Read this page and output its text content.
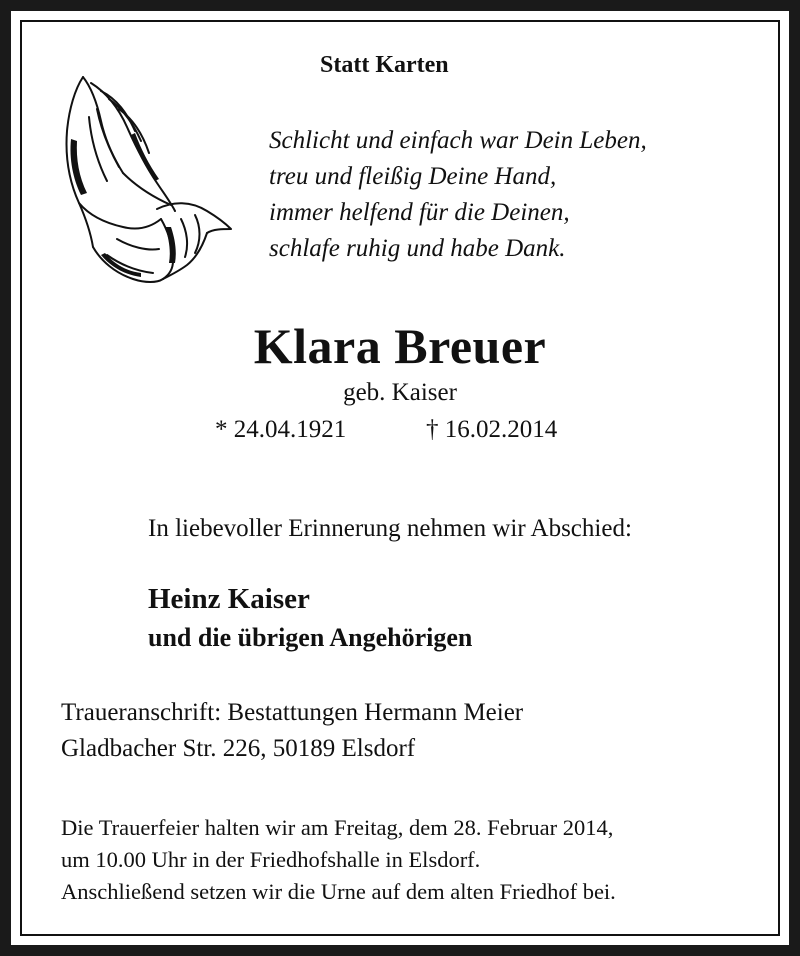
Statt Karten
Schlicht und einfach war Dein Leben,
treu und fleißig Deine Hand,
immer helfend für die Deinen,
schlafe ruhig und habe Dank.
Klara Breuer
geb. Kaiser
* 24.04.1921	† 16.02.2014
In liebevoller Erinnerung nehmen wir Abschied:
Heinz Kaiser
und die übrigen Angehörigen
Traueranschrift: Bestattungen Hermann Meier
Gladbacher Str. 226, 50189 Elsdorf
Die Trauerfeier halten wir am Freitag, dem 28. Februar 2014,
um 10.00 Uhr in der Friedhofshalle in Elsdorf.
Anschließend setzen wir die Urne auf dem alten Friedhof bei.
